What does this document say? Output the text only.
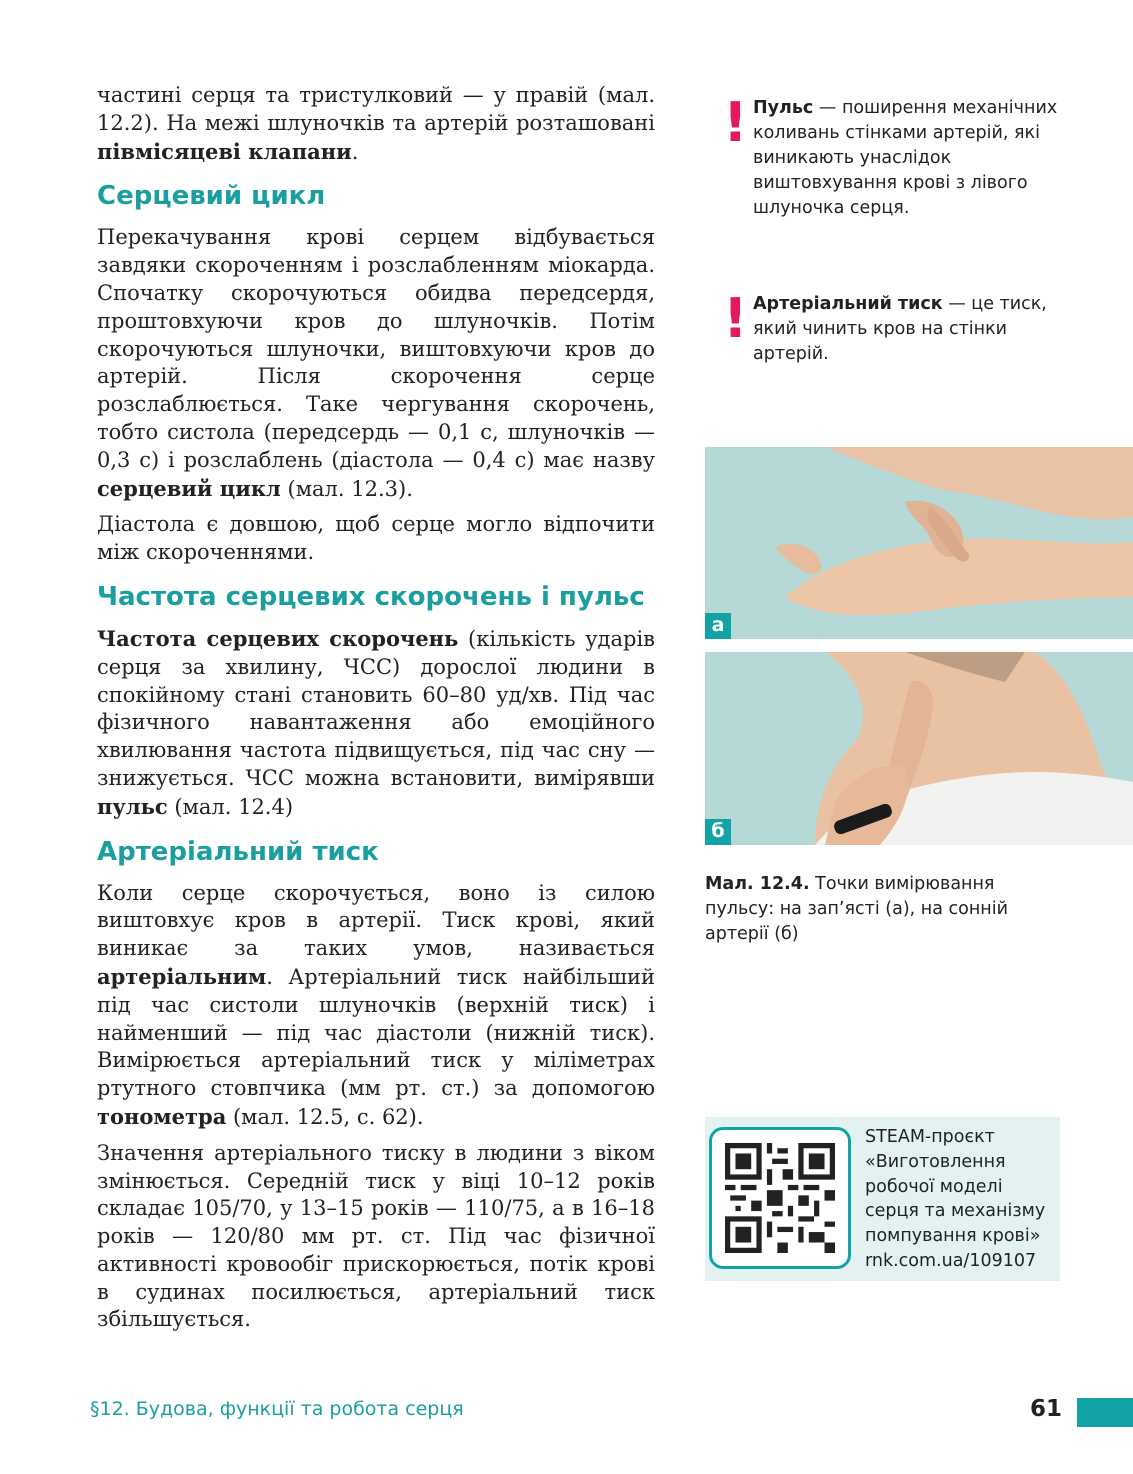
частині серця та тристулковий — у правій (мал. 12.2). На межі шлуночків та артерій розташовані півмісяцеві клапани.

Серцевий цикл

Перекачування крові серцем відбувається завдяки скороченням і розслабленням міокарда. Спочатку скорочуються обидва передсердя, проштовхуючи кров до шлуночків. Потім скорочуються шлуночки, виштовхуючи кров до артерій. Після скорочення серце розслаблюється. Таке чергування скорочень, тобто систола (передсердь — 0,1 с, шлуночків — 0,3 с) і розслаблень (діастола — 0,4 с) має назву серцевий цикл (мал. 12.3).

Діастола є довшою, щоб серце могло відпочити між скороченнями.

Частота серцевих скорочень і пульс

Частота серцевих скорочень (кількість ударів серця за хвилину, ЧСС) дорослої людини в спокійному стані становить 60–80 уд/хв. Під час фізичного навантаження або емоційного хвилювання частота підвищується, під час сну — знижується. ЧСС можна встановити, вимірявши пульс (мал. 12.4)

Артеріальний тиск

Коли серце скорочується, воно із силою виштовхує кров в артерії. Тиск крові, який виникає за таких умов, називається артеріальним. Артеріальний тиск найбільший під час систоли шлуночків (верхній тиск) і найменший — під час діастоли (нижній тиск). Вимірюється артеріальний тиск у міліметрах ртутного стовпчика (мм рт. ст.) за допомогою тонометра (мал. 12.5, с. 62).

Значення артеріального тиску в людини з віком змінюється. Середній тиск у віці 10–12 років складає 105/70, у 13–15 років — 110/75, а в 16–18 років — 120/80 мм рт. ст. Під час фізичної активності кровообіг прискорюється, потік крові в судинах посилюється, артеріальний тиск збільшується.

! Пульс — поширення механічних коливань стінками артерій, які виникають унаслідок виштовхування крові з лівого шлуночка серця.
! Артеріальний тиск — це тиск, який чинить кров на стінки артерій.
а
б
Мал. 12.4. Точки вимірювання пульсу: на зап’ясті (а), на сонній артерії (б)
STEAM-проєкт
«Виготовлення
робочої моделі
серця та механізму
помпування крові»
rnk.com.ua/109107
§12. Будова, функції та робота серця	61
